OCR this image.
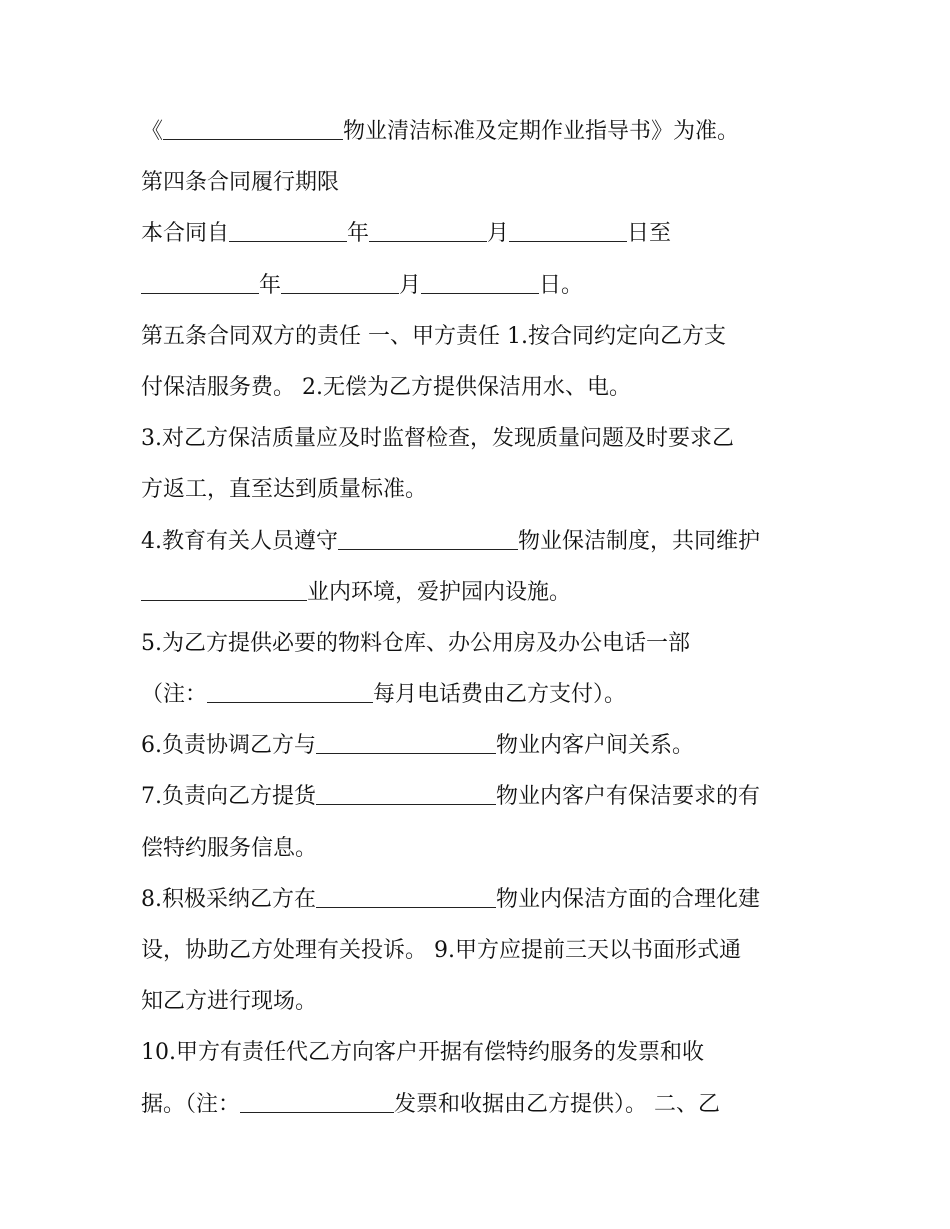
《	物业清洁标准及定期作业指导书》为准。

第四条合同履行期限

本合同自	年	月	日至

年	月	日。

第五条合同双方的责任 一、甲方责任 1.按合同约定向乙方支

付保洁服务费。 2.无偿为乙方提供保洁用水、电。

3.对乙方保洁质量应及时监督检查，发现质量问题及时要求乙

方返工，直至达到质量标准。

4.教育有关人员遵守	物业保洁制度，共同维护

业内环境，爱护园内设施。

5.为乙方提供必要的物料仓库、办公用房及办公电话一部

（注：	每月电话费由乙方支付）。

6.负责协调乙方与	物业内客户间关系。

7.负责向乙方提货	物业内客户有保洁要求的有

偿特约服务信息。

8.积极采纳乙方在	物业内保洁方面的合理化建

设，协助乙方处理有关投诉。 9.甲方应提前三天以书面形式通

知乙方进行现场。

10.甲方有责任代乙方向客户开据有偿特约服务的发票和收

据。（注：	发票和收据由乙方提供）。 二、乙
